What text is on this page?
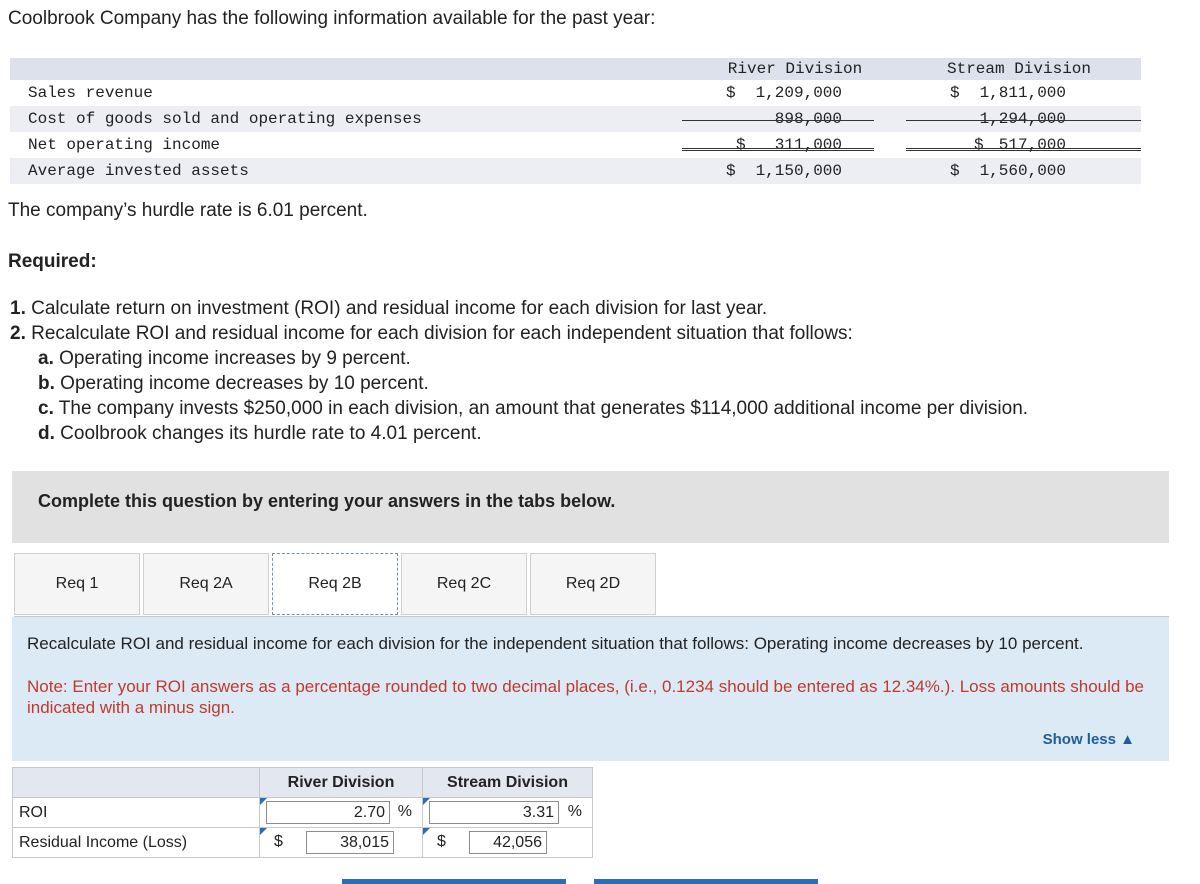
Coolbrook Company has the following information available for the past year:
River Division	Stream Division
Sales revenue	$	1,209,000	$	1,811,000
Cost of goods sold and operating expenses	898,000	1,294,000
Net operating income	$	311,000	$ 517,000
Average invested assets	$	1,150,000	$	1,560,000
The company’s hurdle rate is 6.01 percent.
Required:
1. Calculate return on investment (ROI) and residual income for each division for last year.
2. Recalculate ROI and residual income for each division for each independent situation that follows:
a. Operating income increases by 9 percent.
b. Operating income decreases by 10 percent.
c. The company invests $250,000 in each division, an amount that generates $114,000 additional income per division.
d. Coolbrook changes its hurdle rate to 4.01 percent.
Complete this question by entering your answers in the tabs below.
Req 1	Req 2A	Req 2B	Req 2C	Req 2D
Recalculate ROI and residual income for each division for the independent situation that follows: Operating income decreases by 10 percent.
Note: Enter your ROI answers as a percentage rounded to two decimal places, (i.e., 0.1234 should be entered as 12.34%.). Loss amounts should be indicated with a minus sign.
Show less ▲
	River Division	Stream Division
ROI	2.70 %	3.31 %

Residual Income (Loss)	$ 38,015	$ 42,056
